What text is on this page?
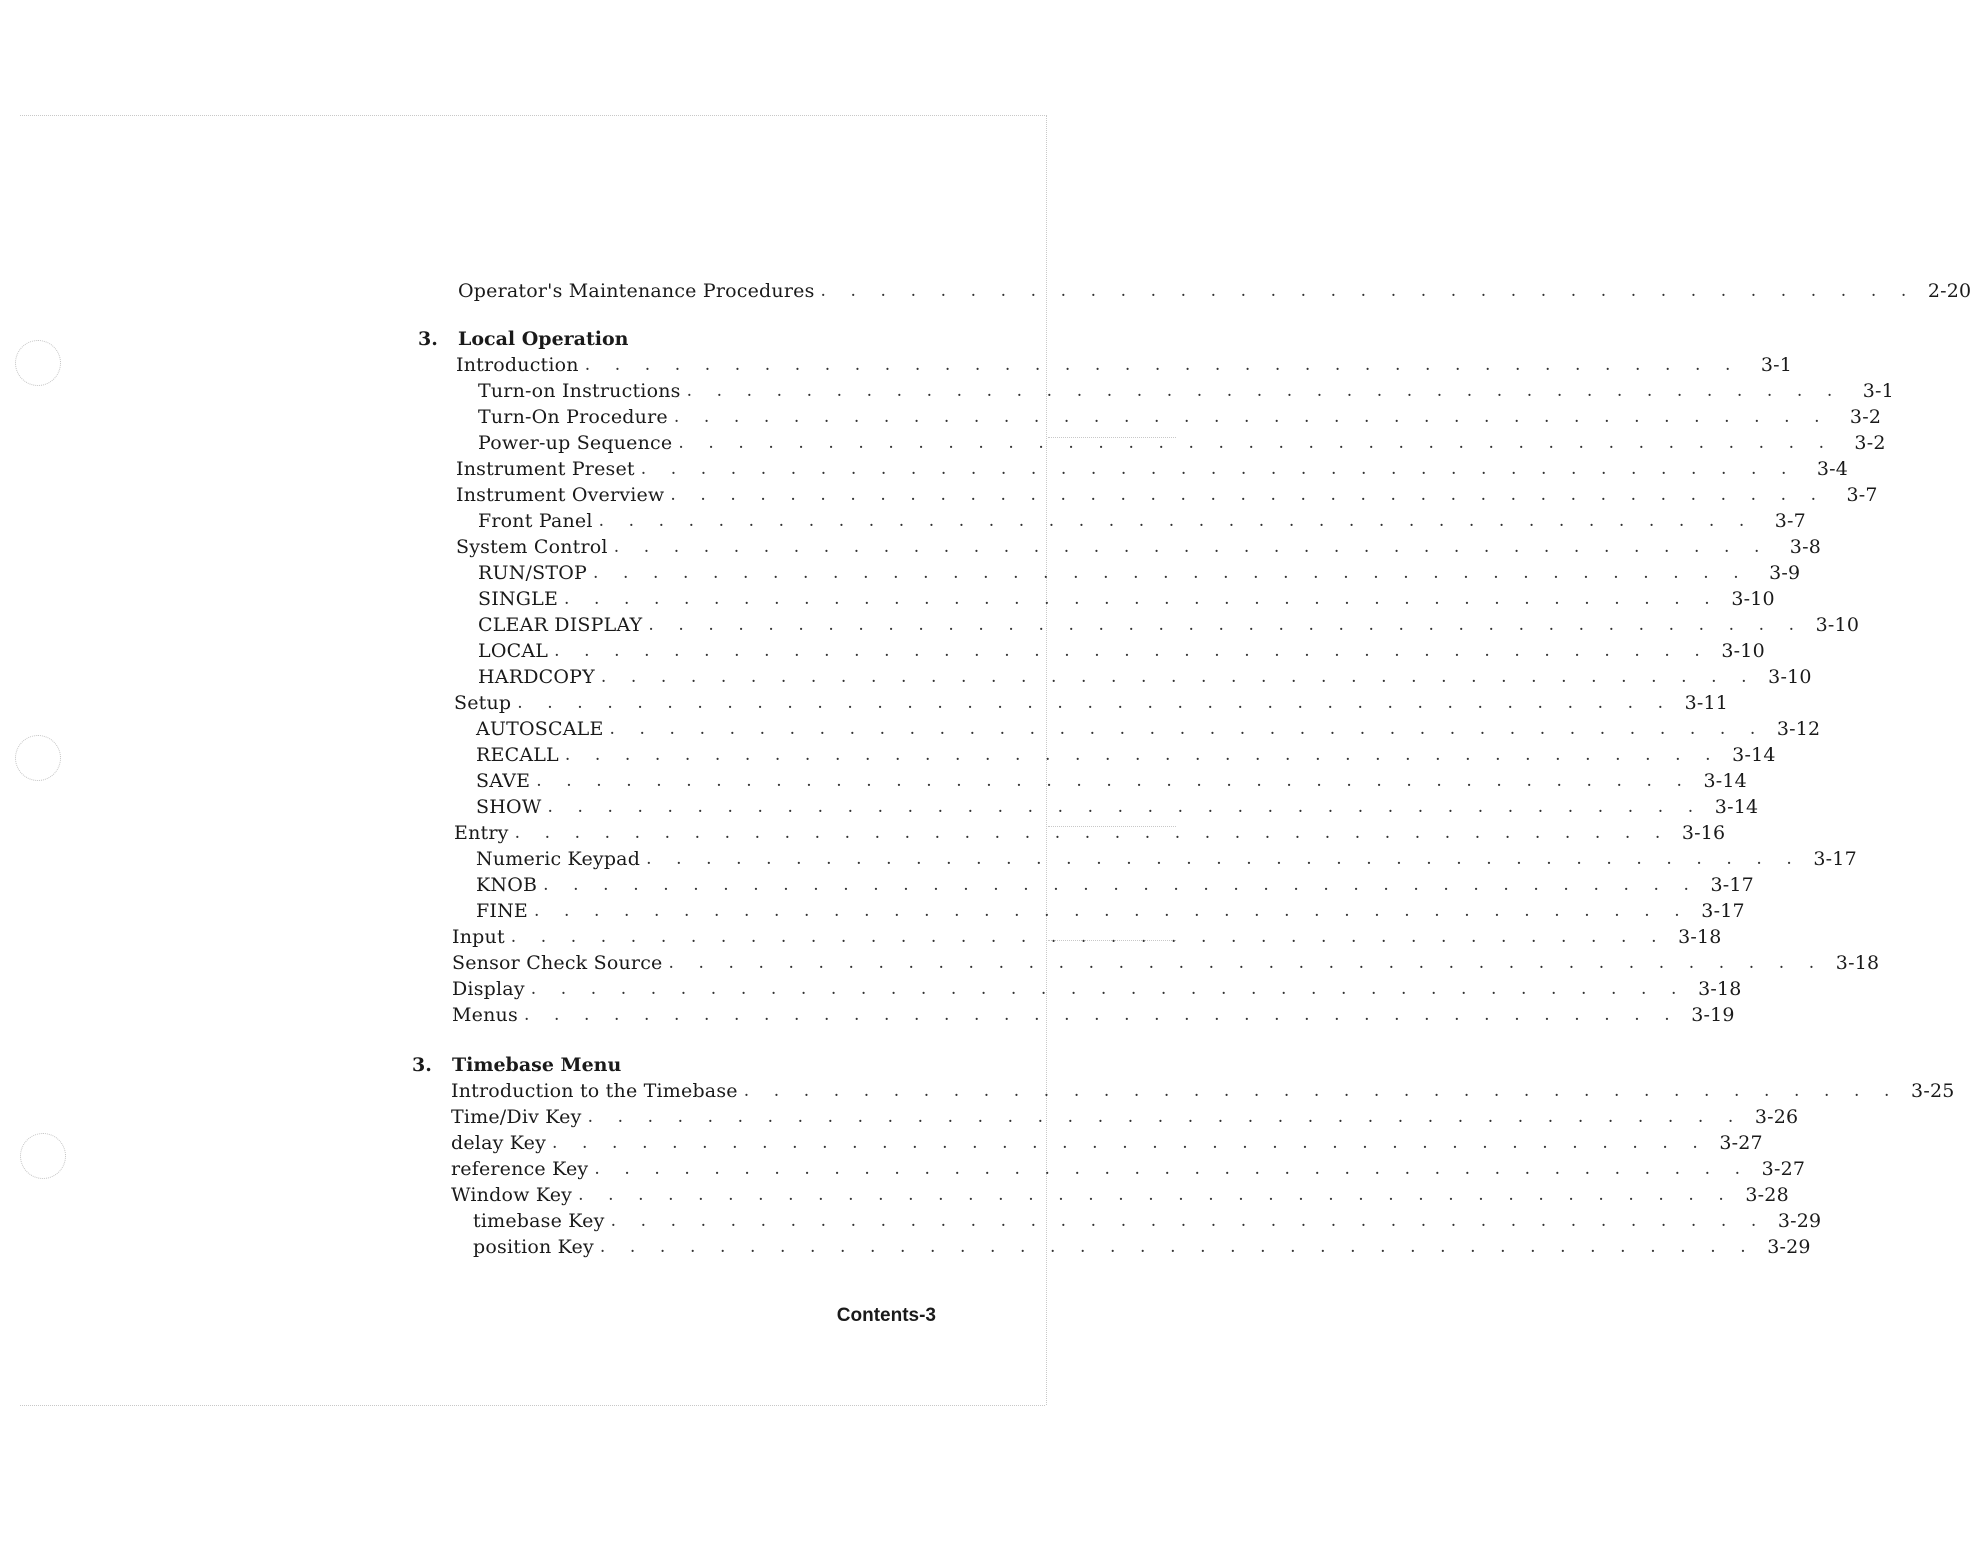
Operator's Maintenance Procedures . . . . . . . . . . . . . . . . . . . . . . . . . . . . . . . . . . . . . 2-20
3.	Local Operation
Introduction . . . . . . . . . . . . . . . . . . . . . . . . . . . . . . . . . . . . . . .	3-1
Turn-on Instructions . . . . . . . . . . . . . . . . . . . . . . . . . . . . . . . . . . . . . . .	3-1
Turn-On Procedure . . . . . . . . . . . . . . . . . . . . . . . . . . . . . . . . . . . . . . .	3-2
Power-up Sequence . . . . . . . . . . . . . . . . . . . . . . . . . . . . . . . . . . . . . . .	3-2
Instrument Preset . . . . . . . . . . . . . . . . . . . . . . . . . . . . . . . . . . . . . . .	3-4
Instrument Overview . . . . . . . . . . . . . . . . . . . . . . . . . . . . . . . . . . . . . . .	3-7
Front Panel . . . . . . . . . . . . . . . . . . . . . . . . . . . . . . . . . . . . . . .	3-7
System Control . . . . . . . . . . . . . . . . . . . . . . . . . . . . . . . . . . . . . . .	3-8
RUN/STOP . . . . . . . . . . . . . . . . . . . . . . . . . . . . . . . . . . . . . . .	3-9
SINGLE . . . . . . . . . . . . . . . . . . . . . . . . . . . . . . . . . . . . . . . 3-10
CLEAR DISPLAY . . . . . . . . . . . . . . . . . . . . . . . . . . . . . . . . . . . . . . . 3-10
LOCAL . . . . . . . . . . . . . . . . . . . . . . . . . . . . . . . . . . . . . . . 3-10
HARDCOPY . . . . . . . . . . . . . . . . . . . . . . . . . . . . . . . . . . . . . . . 3-10
Setup . . . . . . . . . . . . . . . . . . . . . . . . . . . . . . . . . . . . . . . 3-11
AUTOSCALE . . . . . . . . . . . . . . . . . . . . . . . . . . . . . . . . . . . . . . . 3-12
RECALL . . . . . . . . . . . . . . . . . . . . . . . . . . . . . . . . . . . . . . . 3-14
SAVE . . . . . . . . . . . . . . . . . . . . . . . . . . . . . . . . . . . . . . . 3-14
SHOW . . . . . . . . . . . . . . . . . . . . . . . . . . . . . . . . . . . . . . . 3-14
Entry . . . . . . . . . . . . . . . . . . . . . . . . . . . . . . . . . . . . . . . 3-16
Numeric Keypad . . . . . . . . . . . . . . . . . . . . . . . . . . . . . . . . . . . . . . . 3-17
KNOB . . . . . . . . . . . . . . . . . . . . . . . . . . . . . . . . . . . . . . . 3-17
FINE . . . . . . . . . . . . . . . . . . . . . . . . . . . . . . . . . . . . . . . 3-17
Input . . . . . . . . . . . . . . . . . . . . . . . . . . . . . . . . . . . . . . . 3-18
Sensor Check Source . . . . . . . . . . . . . . . . . . . . . . . . . . . . . . . . . . . . . . . 3-18
Display . . . . . . . . . . . . . . . . . . . . . . . . . . . . . . . . . . . . . . . 3-18
Menus . . . . . . . . . . . . . . . . . . . . . . . . . . . . . . . . . . . . . . . 3-19
3.	Timebase Menu
Introduction to the Timebase . . . . . . . . . . . . . . . . . . . . . . . . . . . . . . . . . . . . . . . 3-25
Time/Div Key . . . . . . . . . . . . . . . . . . . . . . . . . . . . . . . . . . . . . . . 3-26
delay Key . . . . . . . . . . . . . . . . . . . . . . . . . . . . . . . . . . . . . . . 3-27
reference Key . . . . . . . . . . . . . . . . . . . . . . . . . . . . . . . . . . . . . . . 3-27
Window Key . . . . . . . . . . . . . . . . . . . . . . . . . . . . . . . . . . . . . . . 3-28
timebase Key . . . . . . . . . . . . . . . . . . . . . . . . . . . . . . . . . . . . . . . 3-29
position Key . . . . . . . . . . . . . . . . . . . . . . . . . . . . . . . . . . . . . . . 3-29
Contents-3
